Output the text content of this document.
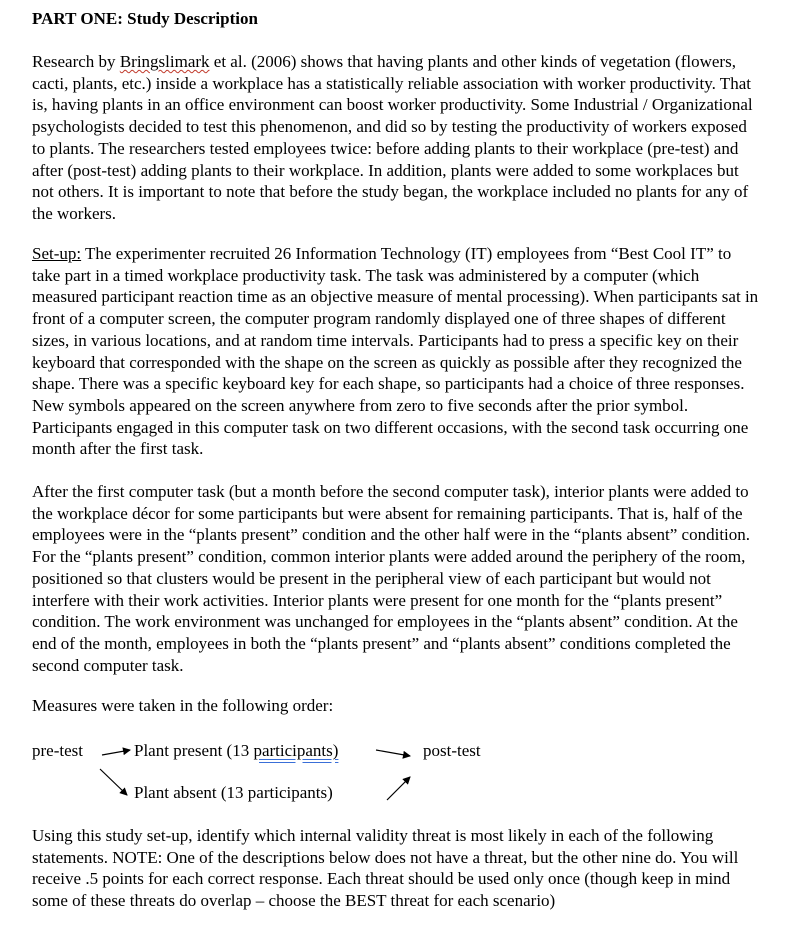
PART ONE: Study Description

Research by Bringslimark et al. (2006) shows that having plants and other kinds of vegetation (flowers, cacti, plants, etc.) inside a workplace has a statistically reliable association with worker productivity. That is, having plants in an office environment can boost worker productivity. Some Industrial / Organizational psychologists decided to test this phenomenon, and did so by testing the productivity of workers exposed to plants. The researchers tested employees twice: before adding plants to their workplace (pre-test) and after (post-test) adding plants to their workplace. In addition, plants were added to some workplaces but not others. It is important to note that before the study began, the workplace included no plants for any of the workers.

Set-up: The experimenter recruited 26 Information Technology (IT) employees from “Best Cool IT” to take part in a timed workplace productivity task. The task was administered by a computer (which measured participant reaction time as an objective measure of mental processing). When participants sat in front of a computer screen, the computer program randomly displayed one of three shapes of different sizes, in various locations, and at random time intervals. Participants had to press a specific key on their keyboard that corresponded with the shape on the screen as quickly as possible after they recognized the shape. There was a specific keyboard key for each shape, so participants had a choice of three responses. New symbols appeared on the screen anywhere from zero to five seconds after the prior symbol. Participants engaged in this computer task on two different occasions, with the second task occurring one month after the first task.

After the first computer task (but a month before the second computer task), interior plants were added to the workplace décor for some participants but were absent for remaining participants. That is, half of the employees were in the “plants present” condition and the other half were in the “plants absent” condition. For the “plants present” condition, common interior plants were added around the periphery of the room, positioned so that clusters would be present in the peripheral view of each participant but would not interfere with their work activities. Interior plants were present for one month for the “plants present” condition. The work environment was unchanged for employees in the “plants absent” condition. At the end of the month, employees in both the “plants present” and “plants absent” conditions completed the second computer task.

Measures were taken in the following order:

pre-test	Plant present (13 participants)
Plant absent (13 participants)
post-test

Using this study set-up, identify which internal validity threat is most likely in each of the following statements. NOTE: One of the descriptions below does not have a threat, but the other nine do. You will receive .5 points for each correct response. Each threat should be used only once (though keep in mind some of these threats do overlap – choose the BEST threat for each scenario)
